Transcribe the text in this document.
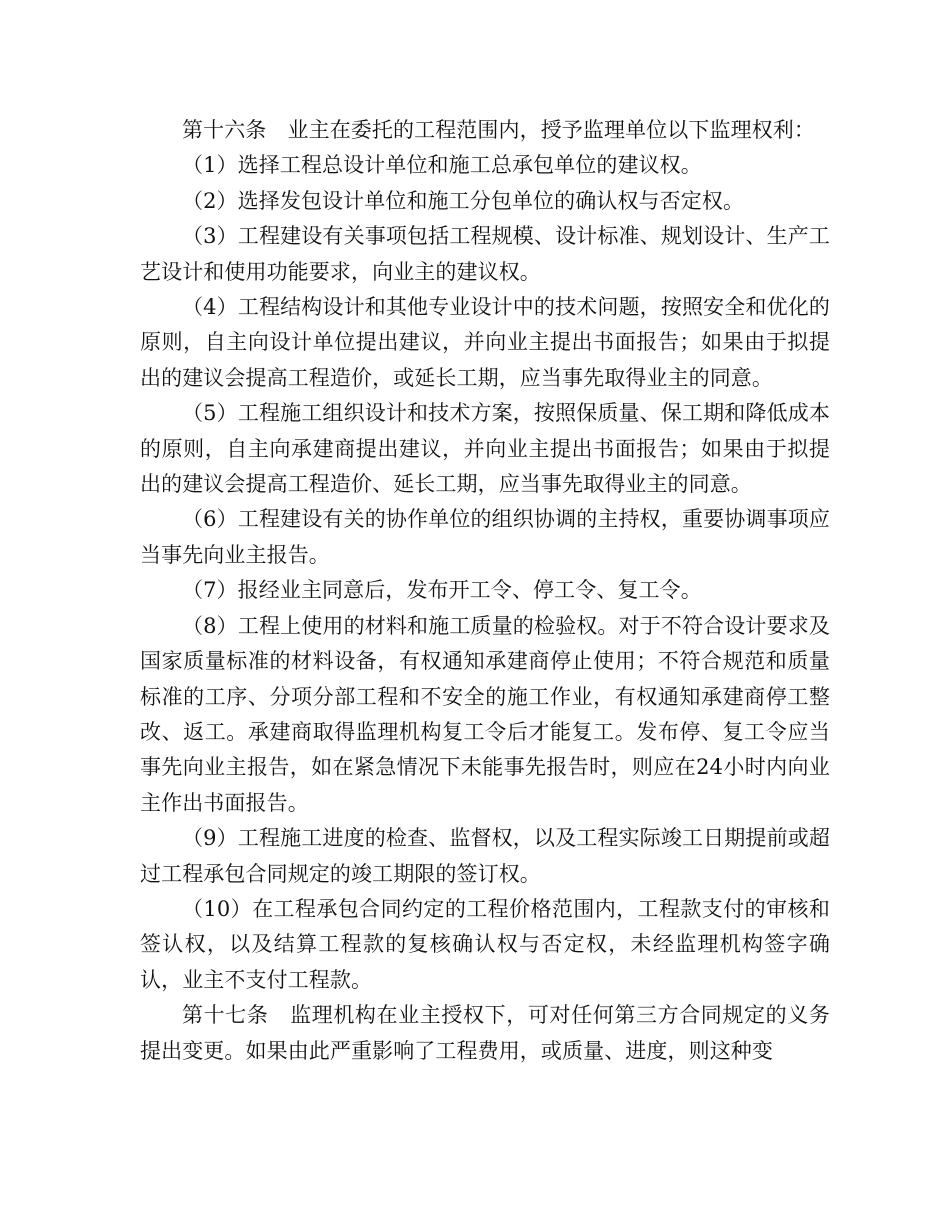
第十六条　业主在委托的工程范围内，授予监理单位以下监理权利：

（1）选择工程总设计单位和施工总承包单位的建议权。

（2）选择发包设计单位和施工分包单位的确认权与否定权。

（3）工程建设有关事项包括工程规模、设计标准、规划设计、生产工艺设计和使用功能要求，向业主的建议权。

（4）工程结构设计和其他专业设计中的技术问题，按照安全和优化的原则，自主向设计单位提出建议，并向业主提出书面报告；如果由于拟提出的建议会提高工程造价，或延长工期，应当事先取得业主的同意。

（5）工程施工组织设计和技术方案，按照保质量、保工期和降低成本的原则，自主向承建商提出建议，并向业主提出书面报告；如果由于拟提出的建议会提高工程造价、延长工期，应当事先取得业主的同意。

（6）工程建设有关的协作单位的组织协调的主持权，重要协调事项应当事先向业主报告。

（7）报经业主同意后，发布开工令、停工令、复工令。

（8）工程上使用的材料和施工质量的检验权。对于不符合设计要求及国家质量标准的材料设备，有权通知承建商停止使用；不符合规范和质量标准的工序、分项分部工程和不安全的施工作业，有权通知承建商停工整改、返工。承建商取得监理机构复工令后才能复工。发布停、复工令应当事先向业主报告，如在紧急情况下未能事先报告时，则应在24小时内向业主作出书面报告。

（9）工程施工进度的检查、监督权，以及工程实际竣工日期提前或超过工程承包合同规定的竣工期限的签订权。

（10）在工程承包合同约定的工程价格范围内，工程款支付的审核和签认权，以及结算工程款的复核确认权与否定权，未经监理机构签字确认，业主不支付工程款。

第十七条　监理机构在业主授权下，可对任何第三方合同规定的义务提出变更。如果由此严重影响了工程费用，或质量、进度，则这种变
